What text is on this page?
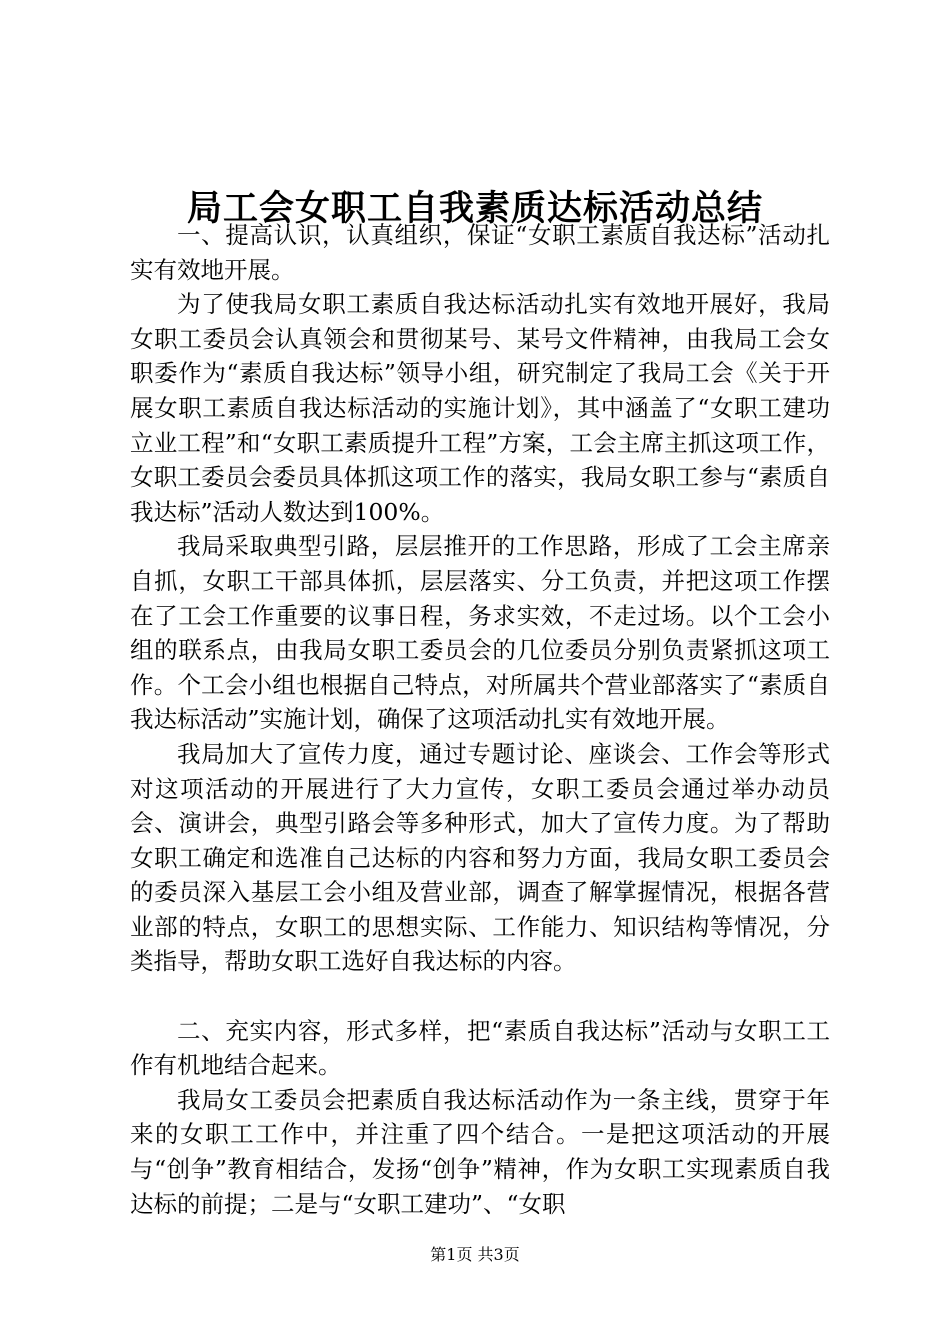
局工会女职工自我素质达标活动总结

一、提高认识，认真组织，保证“女职工素质自我达标”活动扎实有效地开展。

为了使我局女职工素质自我达标活动扎实有效地开展好，我局女职工委员会认真领会和贯彻某号、某号文件精神，由我局工会女职委作为“素质自我达标”领导小组，研究制定了我局工会《关于开展女职工素质自我达标活动的实施计划》，其中涵盖了“女职工建功立业工程”和“女职工素质提升工程”方案，工会主席主抓这项工作，女职工委员会委员具体抓这项工作的落实，我局女职工参与“素质自我达标”活动人数达到100%。

我局采取典型引路，层层推开的工作思路，形成了工会主席亲自抓，女职工干部具体抓，层层落实、分工负责，并把这项工作摆在了工会工作重要的议事日程，务求实效，不走过场。以个工会小组的联系点，由我局女职工委员会的几位委员分别负责紧抓这项工作。个工会小组也根据自己特点，对所属共个营业部落实了“素质自我达标活动”实施计划，确保了这项活动扎实有效地开展。

我局加大了宣传力度，通过专题讨论、座谈会、工作会等形式对这项活动的开展进行了大力宣传，女职工委员会通过举办动员会、演讲会，典型引路会等多种形式，加大了宣传力度。为了帮助女职工确定和选准自己达标的内容和努力方面，我局女职工委员会的委员深入基层工会小组及营业部，调查了解掌握情况，根据各营业部的特点，女职工的思想实际、工作能力、知识结构等情况，分类指导，帮助女职工选好自我达标的内容。

二、充实内容，形式多样，把“素质自我达标”活动与女职工工作有机地结合起来。

我局女工委员会把素质自我达标活动作为一条主线，贯穿于年来的女职工工作中，并注重了四个结合。一是把这项活动的开展与“创争”教育相结合，发扬“创争”精神，作为女职工实现素质自我达标的前提；二是与“女职工建功”、“女职

第1页 共3页
